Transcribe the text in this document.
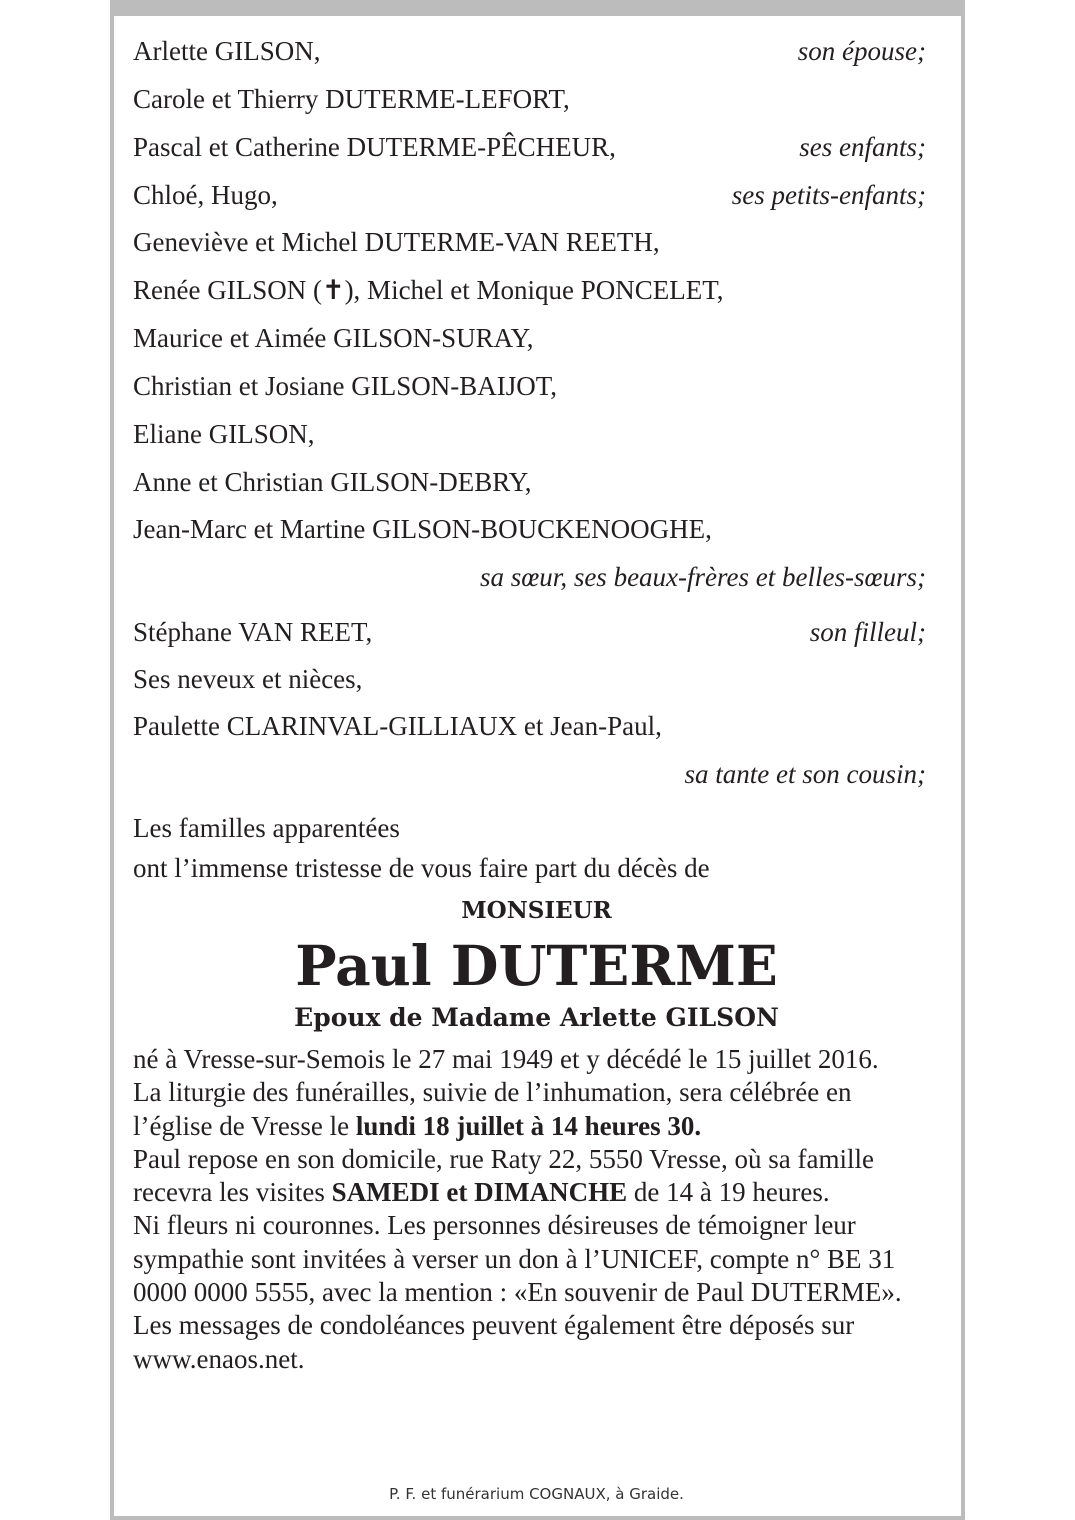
Arlette GILSON,	son épouse;
Carole et Thierry DUTERME-LEFORT,
Pascal et Catherine DUTERME-PÊCHEUR,	ses enfants;
Chloé, Hugo,	ses petits-enfants;
Geneviève et Michel DUTERME-VAN REETH,
Renée GILSON (✝), Michel et Monique PONCELET,
Maurice et Aimée GILSON-SURAY,
Christian et Josiane GILSON-BAIJOT,
Eliane GILSON,
Anne et Christian GILSON-DEBRY,
Jean-Marc et Martine GILSON-BOUCKENOOGHE,
sa sœur, ses beaux-frères et belles-sœurs;
Stéphane VAN REET,	son filleul;
Ses neveux et nièces,
Paulette CLARINVAL-GILLIAUX et Jean-Paul,
sa tante et son cousin;
Les familles apparentées
ont l’immense tristesse de vous faire part du décès de
MONSIEUR
Paul DUTERME
Epoux de Madame Arlette GILSON

né à Vresse-sur-Semois le 27 mai 1949 et y décédé le 15 juillet 2016.

La liturgie des funérailles, suivie de l’inhumation, sera célébrée en l’église de Vresse le lundi 18 juillet à 14 heures 30.

Paul repose en son domicile, rue Raty 22, 5550 Vresse, où sa famille recevra les visites SAMEDI et DIMANCHE de 14 à 19 heures.

Ni fleurs ni couronnes. Les personnes désireuses de témoigner leur sympathie sont invitées à verser un don à l’UNICEF, compte n° BE 31 0000 0000 5555, avec la mention : «En souvenir de Paul DUTERME».

Les messages de condoléances peuvent également être déposés sur www.enaos.net.

P. F. et funérarium COGNAUX, à Graide.
